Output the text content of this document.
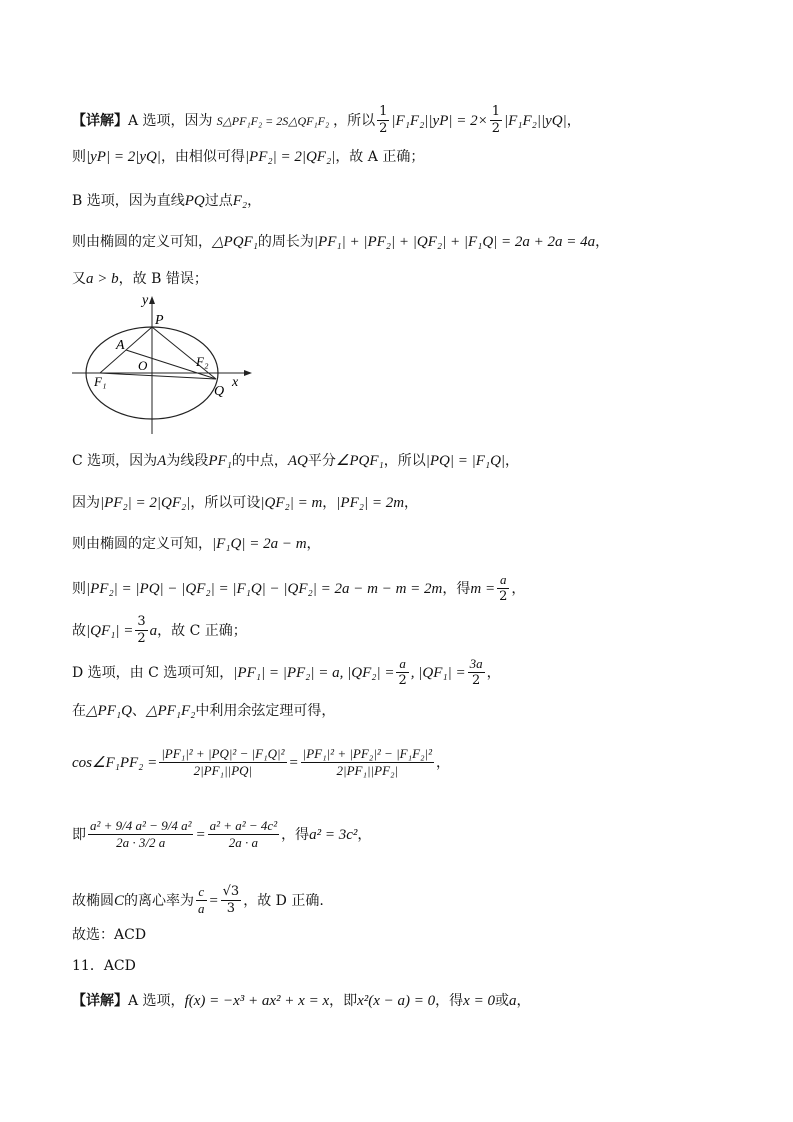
【详解】 A 选项，因为 S△PF₁F₂ = 2S△QF₁F₂ ，所以 $\frac{1}{2} |F_1F_2||yP| = 2\times \frac{1}{2} |F_1F_2||yQ|$ ，
则 |yP| = 2|yQ| ，由相似可得 |PF₂| = 2|QF₂| ，故 A 正确；
B 选项，因为直线 PQ 过点 F₂ ，
则由椭圆的定义可知， △PQF₁ 的周长为 |PF₁| + |PF₂| + |QF₂| + |F₁Q| = 2a + 2a = 4a ，
又 a > b ，故 B 错误；
y
x
P
A
O
F₁
F₂
Q
C 选项，因为 A 为线段 PF₁ 的中点， AQ 平分 ∠PQF₁ ，所以 |PQ| = |F₁Q| ，
因为 |PF₂| = 2|QF₂| ，所以可设 |QF₂| = m ， |PF₂| = 2m ，
则由椭圆的定义可知， |F₁Q| = 2a − m ，
则 |PF₂| = |PQ| − |QF₂| = |F₁Q| − |QF₂| = 2a − m − m = 2m ，得 $m = \frac{a}{2}$ ，
故 $|QF_1| = \frac{3}{2}$ a ，故 C 正确；
D 选项，由 C 选项可知， |PF₁| = |PF₂| = a, $|QF_2| = \frac{a}{2}$ , $|QF_1| = \frac{3a}{2}$ ，
在 △PF₁Q 、 △PF₁F₂ 中利用余弦定理可得，
cos∠F₁PF₂ = $\frac{\text{|PF₁|² + |PQ|² − |F₁Q|²}}{\text{2|PF₁||PQ|}} = \frac{\text{|PF₁|² + |PF₂|² − |F₁F₂|²}}{\text{2|PF₁||PF₂|}}$ ，
即 $\frac{\text{a² + 9/4 a² − 9/4 a²}}{2a \cdot 3/2 a} = \frac{\text{a² + a² − 4c²}}{2a \cdot a}$ ，得 a² = 3c² ，
故椭圆 C 的离心率为 $\frac{c}{a} = \frac{√3}{3}$ ，故 D 正确.
故选：ACD
11．ACD
【详解】 A 选项， f(x) = −x³ + ax² + x = x ，即 x²(x − a) = 0 ，得 x = 0 或 a ，
